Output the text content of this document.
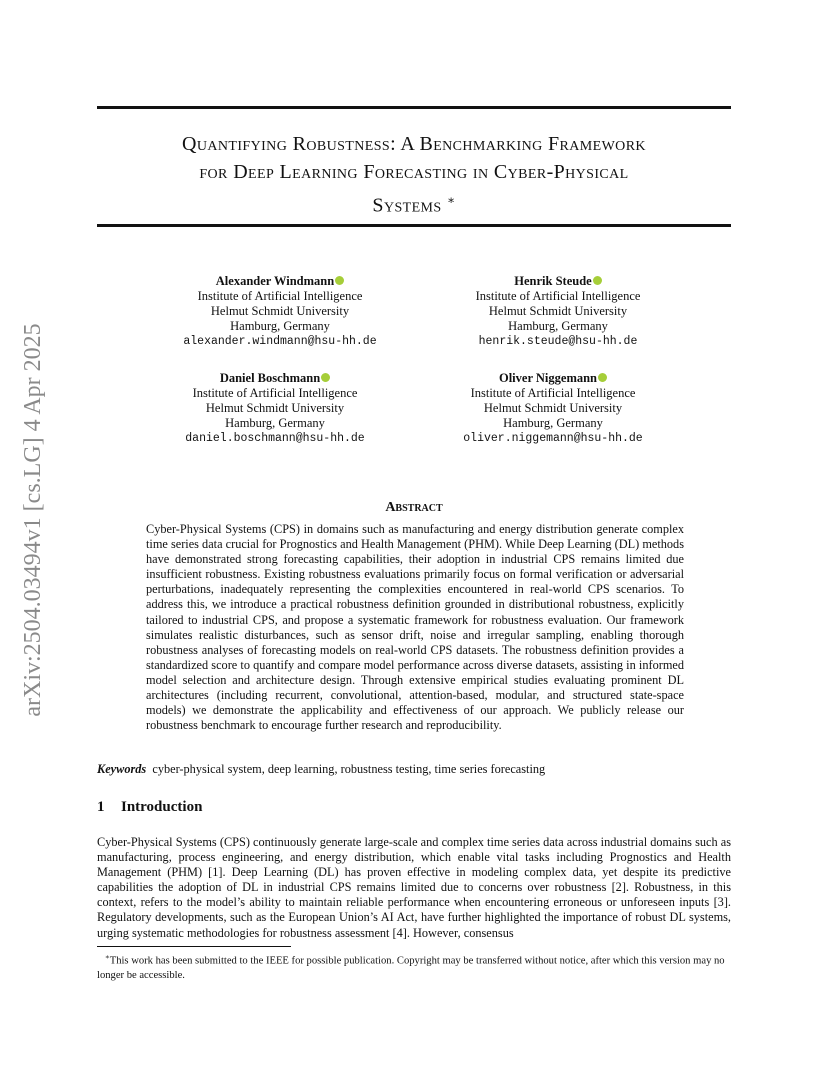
arXiv:2504.03494v1 [cs.LG] 4 Apr 2025
Quantifying Robustness: A Benchmarking Framework
for Deep Learning Forecasting in Cyber-Physical
Systems ∗
Alexander Windmann
Institute of Artificial Intelligence
Helmut Schmidt University
Hamburg, Germany
alexander.windmann@hsu-hh.de
Henrik Steude
Institute of Artificial Intelligence
Helmut Schmidt University
Hamburg, Germany
henrik.steude@hsu-hh.de
Daniel Boschmann
Institute of Artificial Intelligence
Helmut Schmidt University
Hamburg, Germany
daniel.boschmann@hsu-hh.de
Oliver Niggemann
Institute of Artificial Intelligence
Helmut Schmidt University
Hamburg, Germany
oliver.niggemann@hsu-hh.de
Abstract
Cyber-Physical Systems (CPS) in domains such as manufacturing and energy distribution generate complex time series data crucial for Prognostics and Health Management (PHM). While Deep Learning (DL) methods have demonstrated strong forecasting capabilities, their adoption in industrial CPS remains limited due insufficient robustness. Existing robustness evaluations primarily focus on formal verification or adversarial perturbations, inadequately representing the complexities encountered in real-world CPS scenarios. To address this, we introduce a practical robustness definition grounded in distributional robustness, explicitly tailored to industrial CPS, and propose a systematic framework for robustness evaluation. Our framework simulates realistic disturbances, such as sensor drift, noise and irregular sampling, enabling thorough robustness analyses of forecasting models on real-world CPS datasets. The robustness definition provides a standardized score to quantify and compare model performance across diverse datasets, assisting in informed model selection and architecture design. Through extensive empirical studies evaluating prominent DL architectures (including recurrent, convolutional, attention-based, modular, and structured state-space models) we demonstrate the applicability and effectiveness of our approach. We publicly release our robustness benchmark to encourage further research and reproducibility.
Keywords cyber-physical system, deep learning, robustness testing, time series forecasting
1 Introduction
Cyber-Physical Systems (CPS) continuously generate large-scale and complex time series data across industrial domains such as manufacturing, process engineering, and energy distribution, which enable vital tasks including Prognostics and Health Management (PHM) [1]. Deep Learning (DL) has proven effective in modeling complex data, yet despite its predictive capabilities the adoption of DL in industrial CPS remains limited due to concerns over robustness [2]. Robustness, in this context, refers to the model’s ability to maintain reliable performance when encountering erroneous or unforeseen inputs [3]. Regulatory developments, such as the European Union’s AI Act, have further highlighted the importance of robust DL systems, urging systematic methodologies for robustness assessment [4]. However, consensus
∗This work has been submitted to the IEEE for possible publication. Copyright may be transferred without notice, after which this version may no longer be accessible.
